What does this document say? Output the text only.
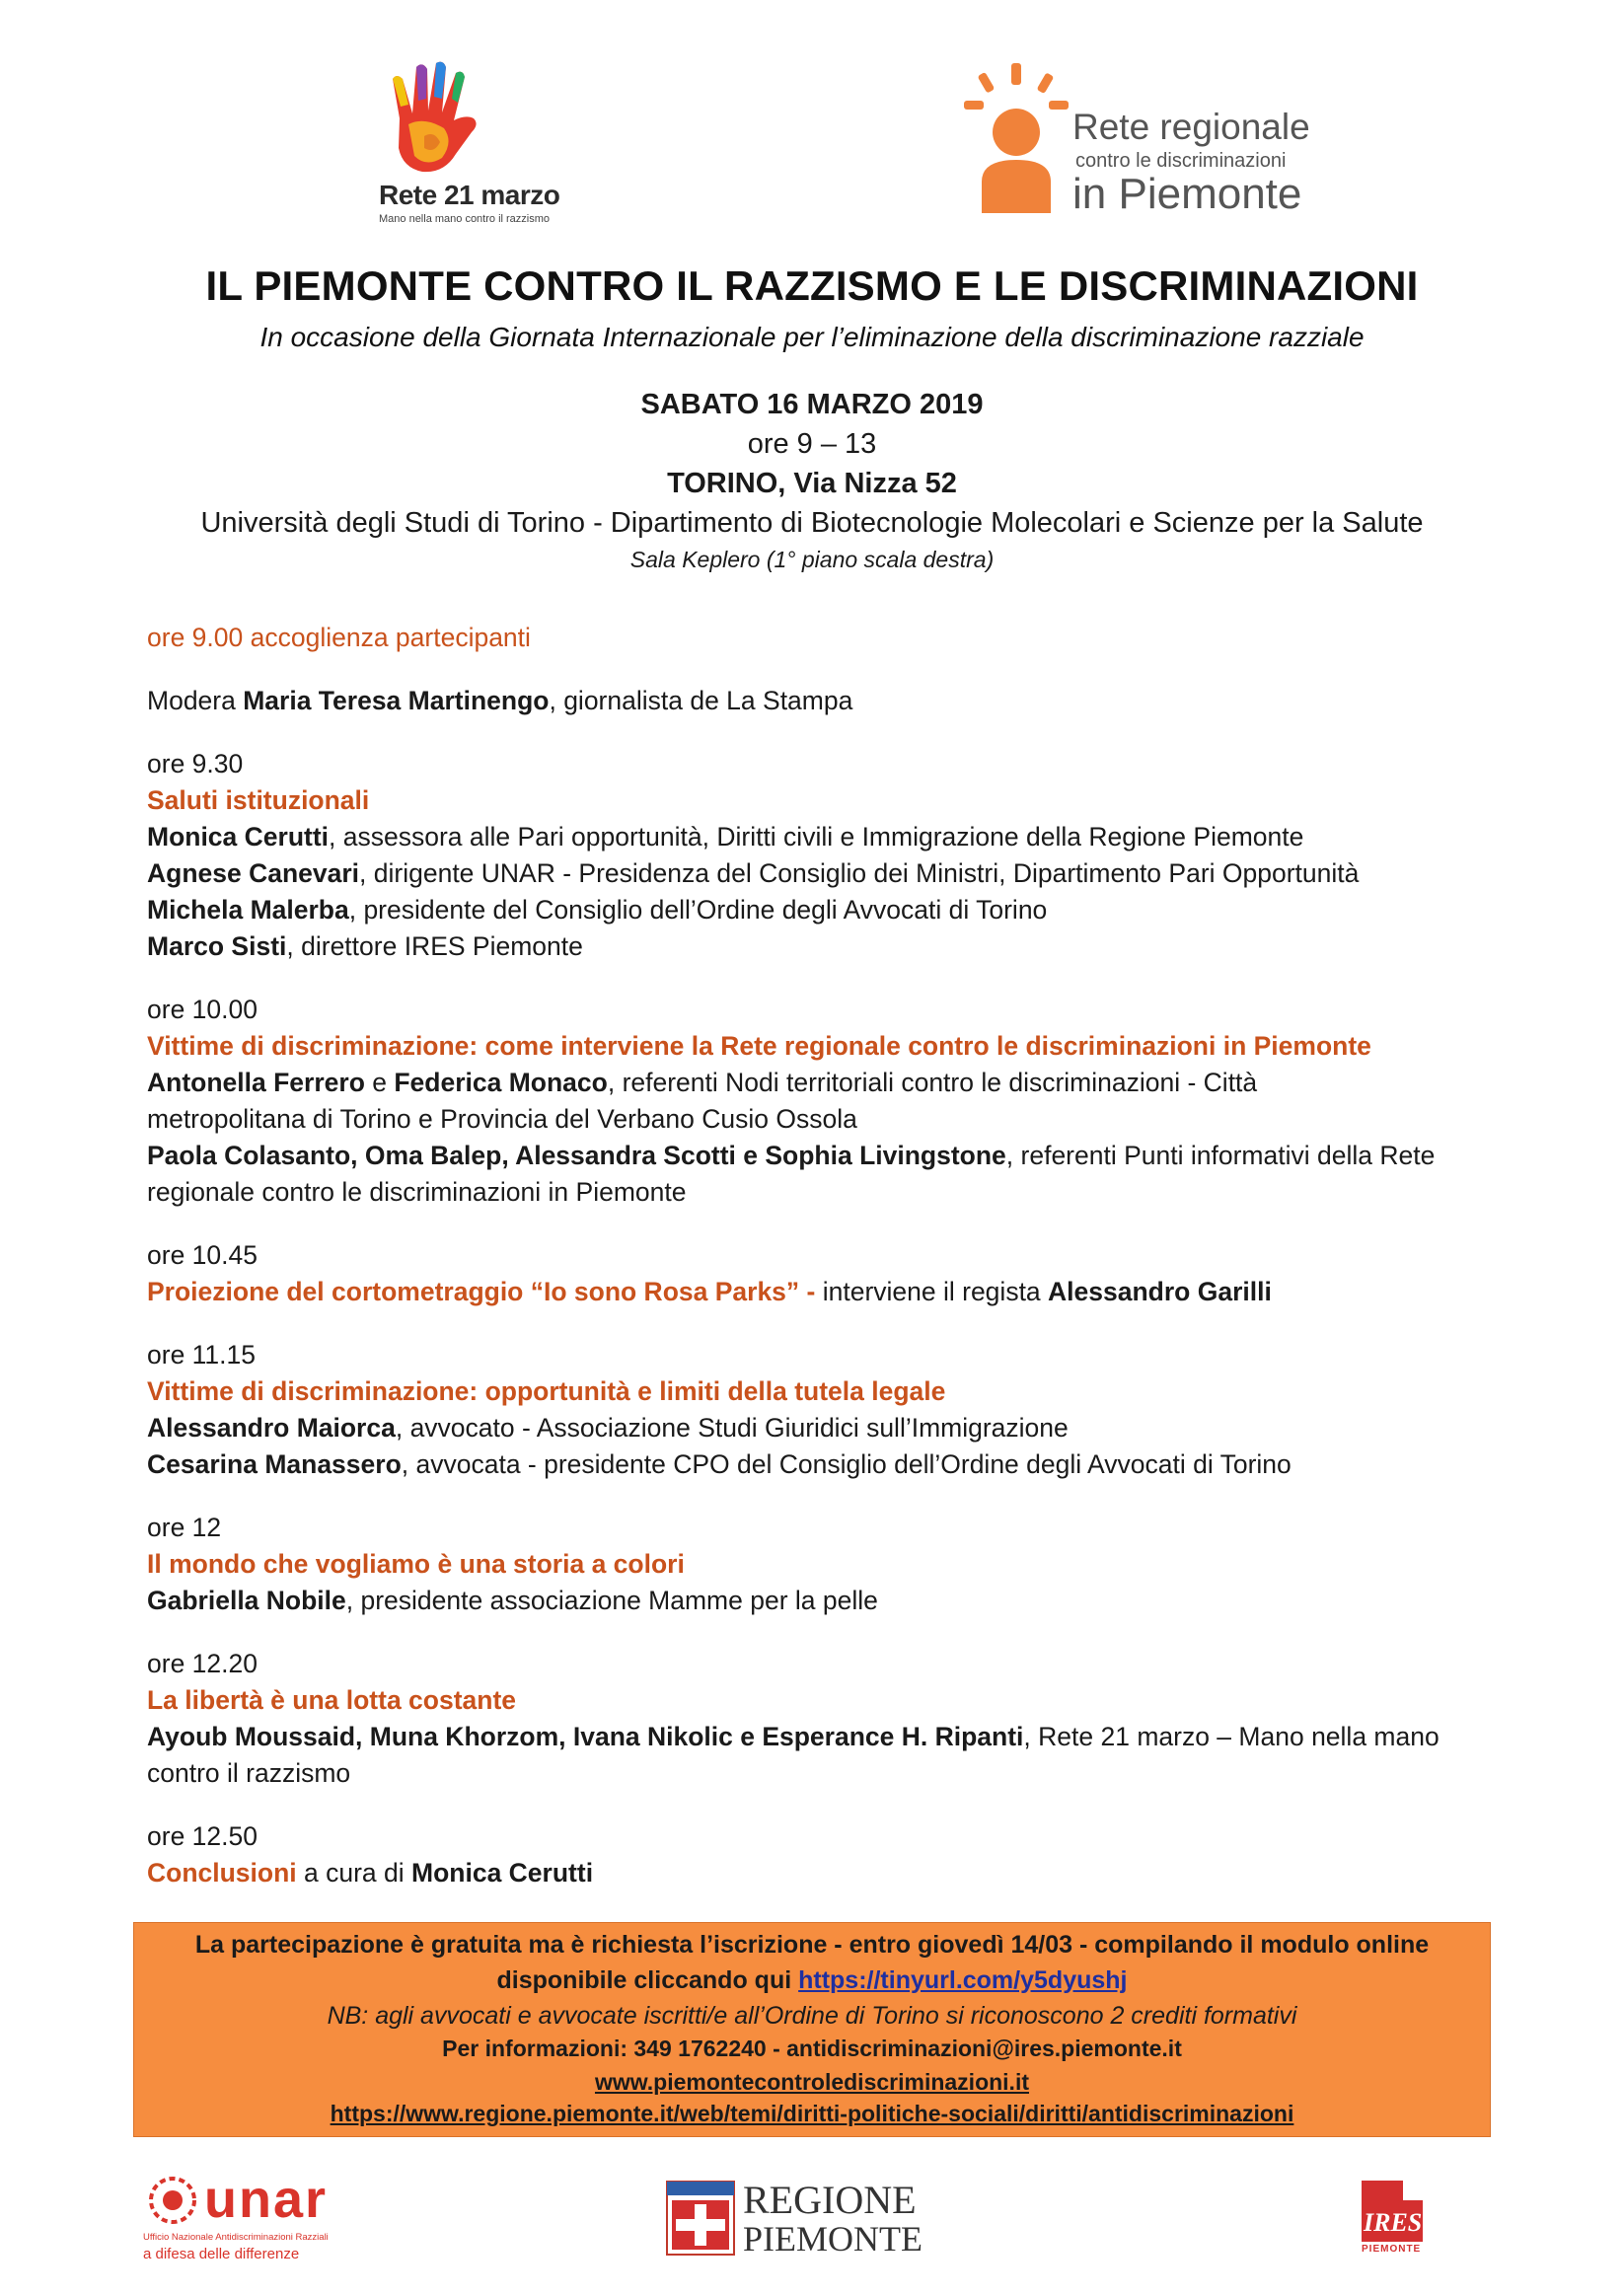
Rete 21 marzo
Mano nella mano contro il razzismo
Rete regionale
contro le discriminazioni
in Piemonte
IL PIEMONTE CONTRO IL RAZZISMO E LE DISCRIMINAZIONI
In occasione della Giornata Internazionale per l’eliminazione della discriminazione razziale
SABATO 16 MARZO 2019
ore 9 – 13
TORINO, Via Nizza 52
Università degli Studi di Torino - Dipartimento di Biotecnologie Molecolari e Scienze per la Salute
Sala Keplero (1° piano scala destra)

ore 9.00 accoglienza partecipanti

Modera Maria Teresa Martinengo, giornalista de La Stampa

ore 9.30

Saluti istituzionali

Monica Cerutti, assessora alle Pari opportunità, Diritti civili e Immigrazione della Regione Piemonte

Agnese Canevari, dirigente UNAR - Presidenza del Consiglio dei Ministri, Dipartimento Pari Opportunità

Michela Malerba, presidente del Consiglio dell’Ordine degli Avvocati di Torino

Marco Sisti, direttore IRES Piemonte

ore 10.00

Vittime di discriminazione: come interviene la Rete regionale contro le discriminazioni in Piemonte

Antonella Ferrero e Federica Monaco, referenti Nodi territoriali contro le discriminazioni - Città

metropolitana di Torino e Provincia del Verbano Cusio Ossola

Paola Colasanto, Oma Balep, Alessandra Scotti e Sophia Livingstone, referenti Punti informativi della Rete

regionale contro le discriminazioni in Piemonte

ore 10.45

Proiezione del cortometraggio “Io sono Rosa Parks” - interviene il regista Alessandro Garilli

ore 11.15

Vittime di discriminazione: opportunità e limiti della tutela legale

Alessandro Maiorca, avvocato - Associazione Studi Giuridici sull’Immigrazione

Cesarina Manassero, avvocata - presidente CPO del Consiglio dell’Ordine degli Avvocati di Torino

ore 12

Il mondo che vogliamo è una storia a colori

Gabriella Nobile, presidente associazione Mamme per la pelle

ore 12.20

La libertà è una lotta costante

Ayoub Moussaid, Muna Khorzom, Ivana Nikolic e Esperance H. Ripanti, Rete 21 marzo – Mano nella mano

contro il razzismo

ore 12.50

Conclusioni a cura di Monica Cerutti

La partecipazione è gratuita ma è richiesta l’iscrizione - entro giovedì 14/03 - compilando il modulo online
disponibile cliccando qui https://tinyurl.com/y5dyushj
NB: agli avvocati e avvocate iscritti/e all’Ordine di Torino si riconoscono 2 crediti formativi
Per informazioni: 349 1762240 - antidiscriminazioni@ires.piemonte.it
www.piemontecontrolediscriminazioni.it
https://www.regione.piemonte.it/web/temi/diritti-politiche-sociali/diritti/antidiscriminazioni
unar
Ufficio Nazionale Antidiscriminazioni Razziali
a difesa delle differenze
REGIONE
PIEMONTE	IRES
PIEMONTE
